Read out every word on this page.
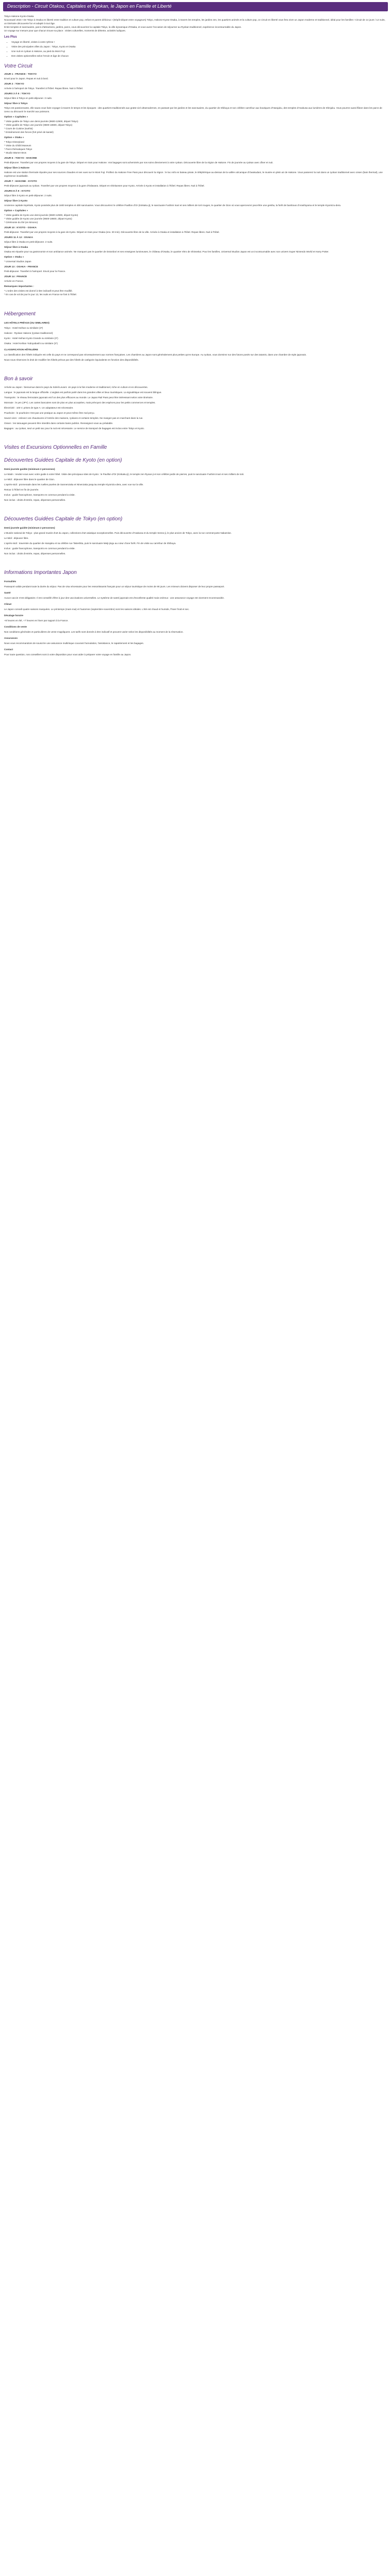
Description - Circuit Otakou, Capitales et Ryokan, le Japon en Famille et Liberté

Tokyo-Hakone-Kyoto-Osaka

Nouveauté 2024 ! De Tokyo à Osaka en liberté entre tradition et culture pop, enfant et parent délicieux ! (Dépôt-départ entre voyageurs) Tokyo, Hakone-Kyoto-Osaka, à travers les temples, les jardins zen, les quartiers animés et la culture pop, ce circuit en liberté vous fera vivre un Japon moderne et traditionnel, idéal pour les familles ! Circuit de 14 jours / 12 nuits, un itinéraire découverte fun et adapté à tout âge.

Entre temples et sanctuaires, parcs d'attractions, jardins, parcs, vous découvrirez la capitale Tokyo, la ville dynamique d'Osaka, et vous aurez l'occasion de séjourner au Ryokan traditionnel, expérience incontournable du Japon.

Un voyage sur mesure pour que chacun trouve sa place : visites culturelles, moments de détente, activités ludiques.

Les Plus
• Voyage en liberté, visites à votre rythme !
• Visite des principales villes du Japon : Tokyo, Kyoto et Osaka
• Une nuit en ryokan à Hakone, au pied du Mont Fuji
• Des visites optionnelles selon l'envie et âge de chacun
Votre Circuit
JOUR 1 : FRANCE - TOKYO

Envol pour le Japon. Repas et nuit à bord.

JOUR 2 : TOKYO

Arrivée à l'aéroport de Tokyo. Transfert à l'hôtel. Repas libres. Nuit à l'hôtel.

JOURS 3 À 5 : TOKYO

Séjour libre à Tokyo en petit-déjeuner. 3 nuits.

Séjour libre à Tokyo

Tokyo est passionnante, elle saura vous faire voyager à travers le temps et les époques : des quartiers traditionnels aux gratte-ciel ultramodernes, en passant par les jardins et les sanctuaires, du quartier de Shibuya et son célèbre carrefour aux boutiques d'Harajuku, des temples d'Asakusa aux lumières de Shinjuku. Vous pourrez aussi flâner dans les parcs de Ueno ou découvrir le marché aux poissons.

Option « Capitales »

* Visite guidée de Tokyo une demi-journée (9600-12900, départ Tokyo)
* Visite guidée de Tokyo une journée (9600-18600, départ Tokyo)
* Cours de Cuisine (sushis)
* Entraînement des forces (fort privé de karaté)

Option « Otaku »

* Tokyo Disneyland
* Visite du Ghibli Museum
* Parcs thématiques Tokyo
* Studio Warner Bros

JOUR 6 : TOKYO - HAKONE

Petit-déjeuner. Transfert par vos propres moyens à la gare de Tokyo. Départ en train pour Hakone. Vos bagages sont acheminés par nos soins directement à votre ryokan. Découverte libre de la région de Hakone. Fin de journée au ryokan avec dîner et nuit.

Séjour libre à Hakone

Hakone est une station thermale réputée pour ses sources chaudes et ses vues sur le Mont Fuji. Profitez du Hakone Free Pass pour découvrir la région : le lac Ashi en bateau pirate, le téléphérique au-dessus de la vallée volcanique d'Owakudani, le musée en plein air de Hakone. Vous passerez la nuit dans un ryokan traditionnel avec onsen (bain thermal), une expérience inoubliable.

JOUR 7 : HAKONE - KYOTO

Petit-déjeuner japonais au ryokan. Transfert par vos propres moyens à la gare d'Odawara. Départ en shinkansen pour Kyoto. Arrivée à Kyoto et installation à l'hôtel. Repas libres. Nuit à l'hôtel.

JOURS 8 À 9 : KYOTO

Séjour libre à Kyoto en petit-déjeuner. 2 nuits.

Séjour libre à Kyoto

Ancienne capitale impériale, Kyoto possède plus de 1600 temples et 400 sanctuaires. Vous découvrirez le célèbre Pavillon d'Or (Kinkaku-ji), le sanctuaire Fushimi Inari et ses milliers de torii rouges, le quartier de Gion où vous apercevrez peut-être une geisha, la forêt de bambous d'Arashiyama et le temple Kiyomizu-dera.

Option « Capitales »

* Visite guidée de Kyoto une demi-journée (9600-12900, départ Kyoto)
* Visite guidée de Kyoto une journée (9600-18600, départ Kyoto)
* Cérémonie du thé (en kimono)

JOUR 10 : KYOTO - OSAKA

Petit-déjeuner. Transfert par vos propres moyens à la gare de Kyoto. Départ en train pour Osaka (env. 30 min). Découverte libre de la ville. Arrivée à Osaka et installation à l'hôtel. Repas libres. Nuit à l'hôtel.

JOURS 11 À 12 : OSAKA

Séjour libre à Osaka en petit-déjeuner. 2 nuits.

Séjour libre à Osaka

Osaka est réputée pour sa gastronomie et son ambiance animée. Ne manquez pas le quartier de Dotonbori et ses enseignes lumineuses, le château d'Osaka, le quartier rétro de Shinsekai. Pour les familles, Universal Studios Japan est un incontournable avec son univers Super Nintendo World et Harry Potter.

Option « Otaku »

* Universal Studios Japan

JOUR 13 : OSAKA - FRANCE

Petit-déjeuner. Transfert à l'aéroport. Envol pour la France.

JOUR 14 : FRANCE

Arrivée en France.

Remarques importantes :

* L'ordre des visites est donné à titre indicatif et peut être modifié.
* En cas de vol de jour le jour 13, les nuits en France se font à l'hôtel.

Hébergement

LES HÔTELS PRÉVUS (OU SIMILAIRES)

Tokyo : Hotel Keihan ou similaire (3*)

Hakone : Ryokan Hakone (ryokan traditionnel)

Kyoto : Hotel Keihan Kyoto Grande ou similaire (3*)

Osaka : Hotel Keihan Yodoyabashi ou similaire (3*)

CLASSIFICATION HÔTELIÈRE

La classification des hôtels indiquée est celle du pays et ne correspond pas nécessairement aux normes françaises. Les chambres au Japon sont généralement plus petites qu'en Europe. Au ryokan, vous dormirez sur des futons posés sur des tatamis, dans une chambre de style japonais.

Nous nous réservons le droit de modifier les hôtels prévus par des hôtels de catégorie équivalente en fonction des disponibilités.

Bon à savoir

Arrivée au Japon : bienvenue dans le pays du Soleil-Levant. Un pays à la fois moderne et traditionnel, riche en culture et en découvertes.

Langue : le japonais est la langue officielle. L'anglais est parfois parlé dans les grandes villes et lieux touristiques. La signalétique est souvent bilingue.

Transports : le réseau ferroviaire japonais est l'un des plus efficaces au monde. Le Japan Rail Pass peut être intéressant selon votre itinéraire.

Monnaie : le yen (JPY). Les cartes bancaires sont de plus en plus acceptées, mais prévoyez des espèces pour les petits commerces et temples.

Électricité : 100 V, prises de type A. Un adaptateur est nécessaire.

Pourboire : le pourboire n'est pas une pratique au Japon et peut même être mal perçu.

Savoir-vivre : enlevez vos chaussures à l'entrée des maisons, ryokans et certains temples. Ne mangez pas en marchant dans la rue.

Onsen : les tatouages peuvent être interdits dans certains bains publics. Renseignez-vous au préalable.

Bagages : au ryokan, seul un petit sac pour la nuit est nécessaire. Le service de transport de bagages est inclus entre Tokyo et Kyoto.

Visites et Excursions Optionnelles en Famille
Découvertes Guidées Capitale de Kyoto (en option)

Demi-journée guidée (minimum 2 personnes)

Le Matin : rendez-vous avec votre guide à votre hôtel. Visite des principaux sites de Kyoto : le Pavillon d'Or (Kinkaku-ji), le temple zen Ryoan-ji et son célèbre jardin de pierres, puis le sanctuaire Fushimi Inari et ses milliers de torii.

Le Midi : déjeuner libre dans le quartier de Gion.

L'après-midi : promenade dans les ruelles pavées de Sannenzaka et Ninenzaka jusqu'au temple Kiyomizu-dera, avec vue sur la ville.

Retour à l'hôtel en fin de journée.

Inclus : guide francophone, transports en commun pendant la visite.

Non inclus : droits d'entrée, repas, dépenses personnelles.

Découvertes Guidées Capitale de Tokyo (en option)

Demi-journée guidée (minimum 2 personnes)

L'Musée national de Tokyo : plus grand musée d'art du Japon, collections d'art asiatique exceptionnelles. Puis découverte d'Asakusa et du temple Senso-ji, le plus ancien de Tokyo, avec la rue commerçante Nakamise.

Le Midi : déjeuner libre.

L'après-midi : traversée du quartier de Harajuku et sa célèbre rue Takeshita, puis le sanctuaire Meiji-jingu au cœur d'une forêt. Fin de visite au carrefour de Shibuya.

Inclus : guide francophone, transports en commun pendant la visite.

Non inclus : droits d'entrée, repas, dépenses personnelles.

Informations Importantes Japon

Formalités

Passeport valide pendant toute la durée du séjour. Pas de visa nécessaire pour les ressortissants français pour un séjour touristique de moins de 90 jours. Les mineurs doivent disposer de leur propre passeport.

Santé

Aucun vaccin n'est obligatoire. Il est conseillé d'être à jour des vaccinations universelles. Le système de santé japonais est d'excellente qualité mais onéreux : une assurance voyage est vivement recommandée.

Climat

Le Japon connaît quatre saisons marquées. Le printemps (mars-mai) et l'automne (septembre-novembre) sont les saisons idéales. L'été est chaud et humide, l'hiver froid et sec.

Décalage horaire

+8 heures en été, +7 heures en hiver par rapport à la France.

Conditions de vente

Nos conditions générales et particulières de vente s'appliquent. Les tarifs sont donnés à titre indicatif et peuvent varier selon les disponibilités au moment de la réservation.

Assurances

Nous vous recommandons de souscrire une assurance multirisque couvrant l'annulation, l'assistance, le rapatriement et les bagages.

Contact

Pour toute question, nos conseillers sont à votre disposition pour vous aider à préparer votre voyage en famille au Japon.
